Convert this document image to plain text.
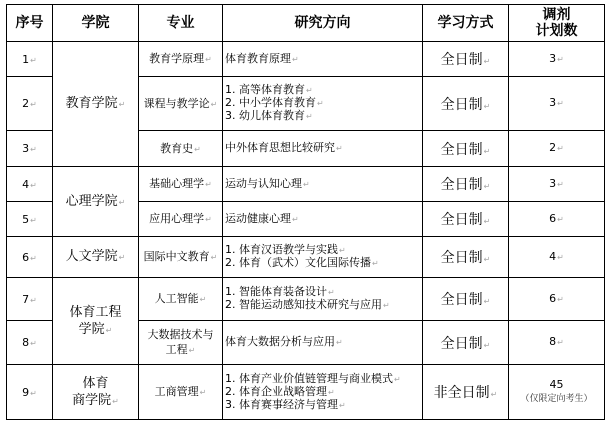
序号	学院	专业	研究方向	学习方式	调剂
计划数

1↵	教育学院↵	教育学原理↵	体育教育原理↵	全日制↵	3↵
2↵		课程与教学论↵	1. 高等体育教育↵
2. 中小学体育教育↵
3. 幼儿体育教育↵	全日制↵	3↵
3↵		教育史↵	中外体育思想比较研究↵	全日制↵	2↵
4↵	心理学院↵	基础心理学↵	运动与认知心理↵	全日制↵	3↵
5↵		应用心理学↵	运动健康心理↵	全日制↵	6↵
6↵	人文学院↵	国际中文教育↵	1. 体育汉语教学与实践↵
2. 体育（武术）文化国际传播↵	全日制↵	4↵
7↵	体育工程
学院↵	人工智能↵	1. 智能体育装备设计↵
2. 智能运动感知技术研究与应用↵	全日制↵	6↵
8↵		大数据技术与
工程↵	体育大数据分析与应用↵	全日制↵	8↵
9↵	体育
商学院↵	工商管理↵	1. 体育产业价值链管理与商业模式↵
2. 体育企业战略管理↵
3. 体育赛事经济与管理↵	非全日制↵	45
（仅限定向考生）
